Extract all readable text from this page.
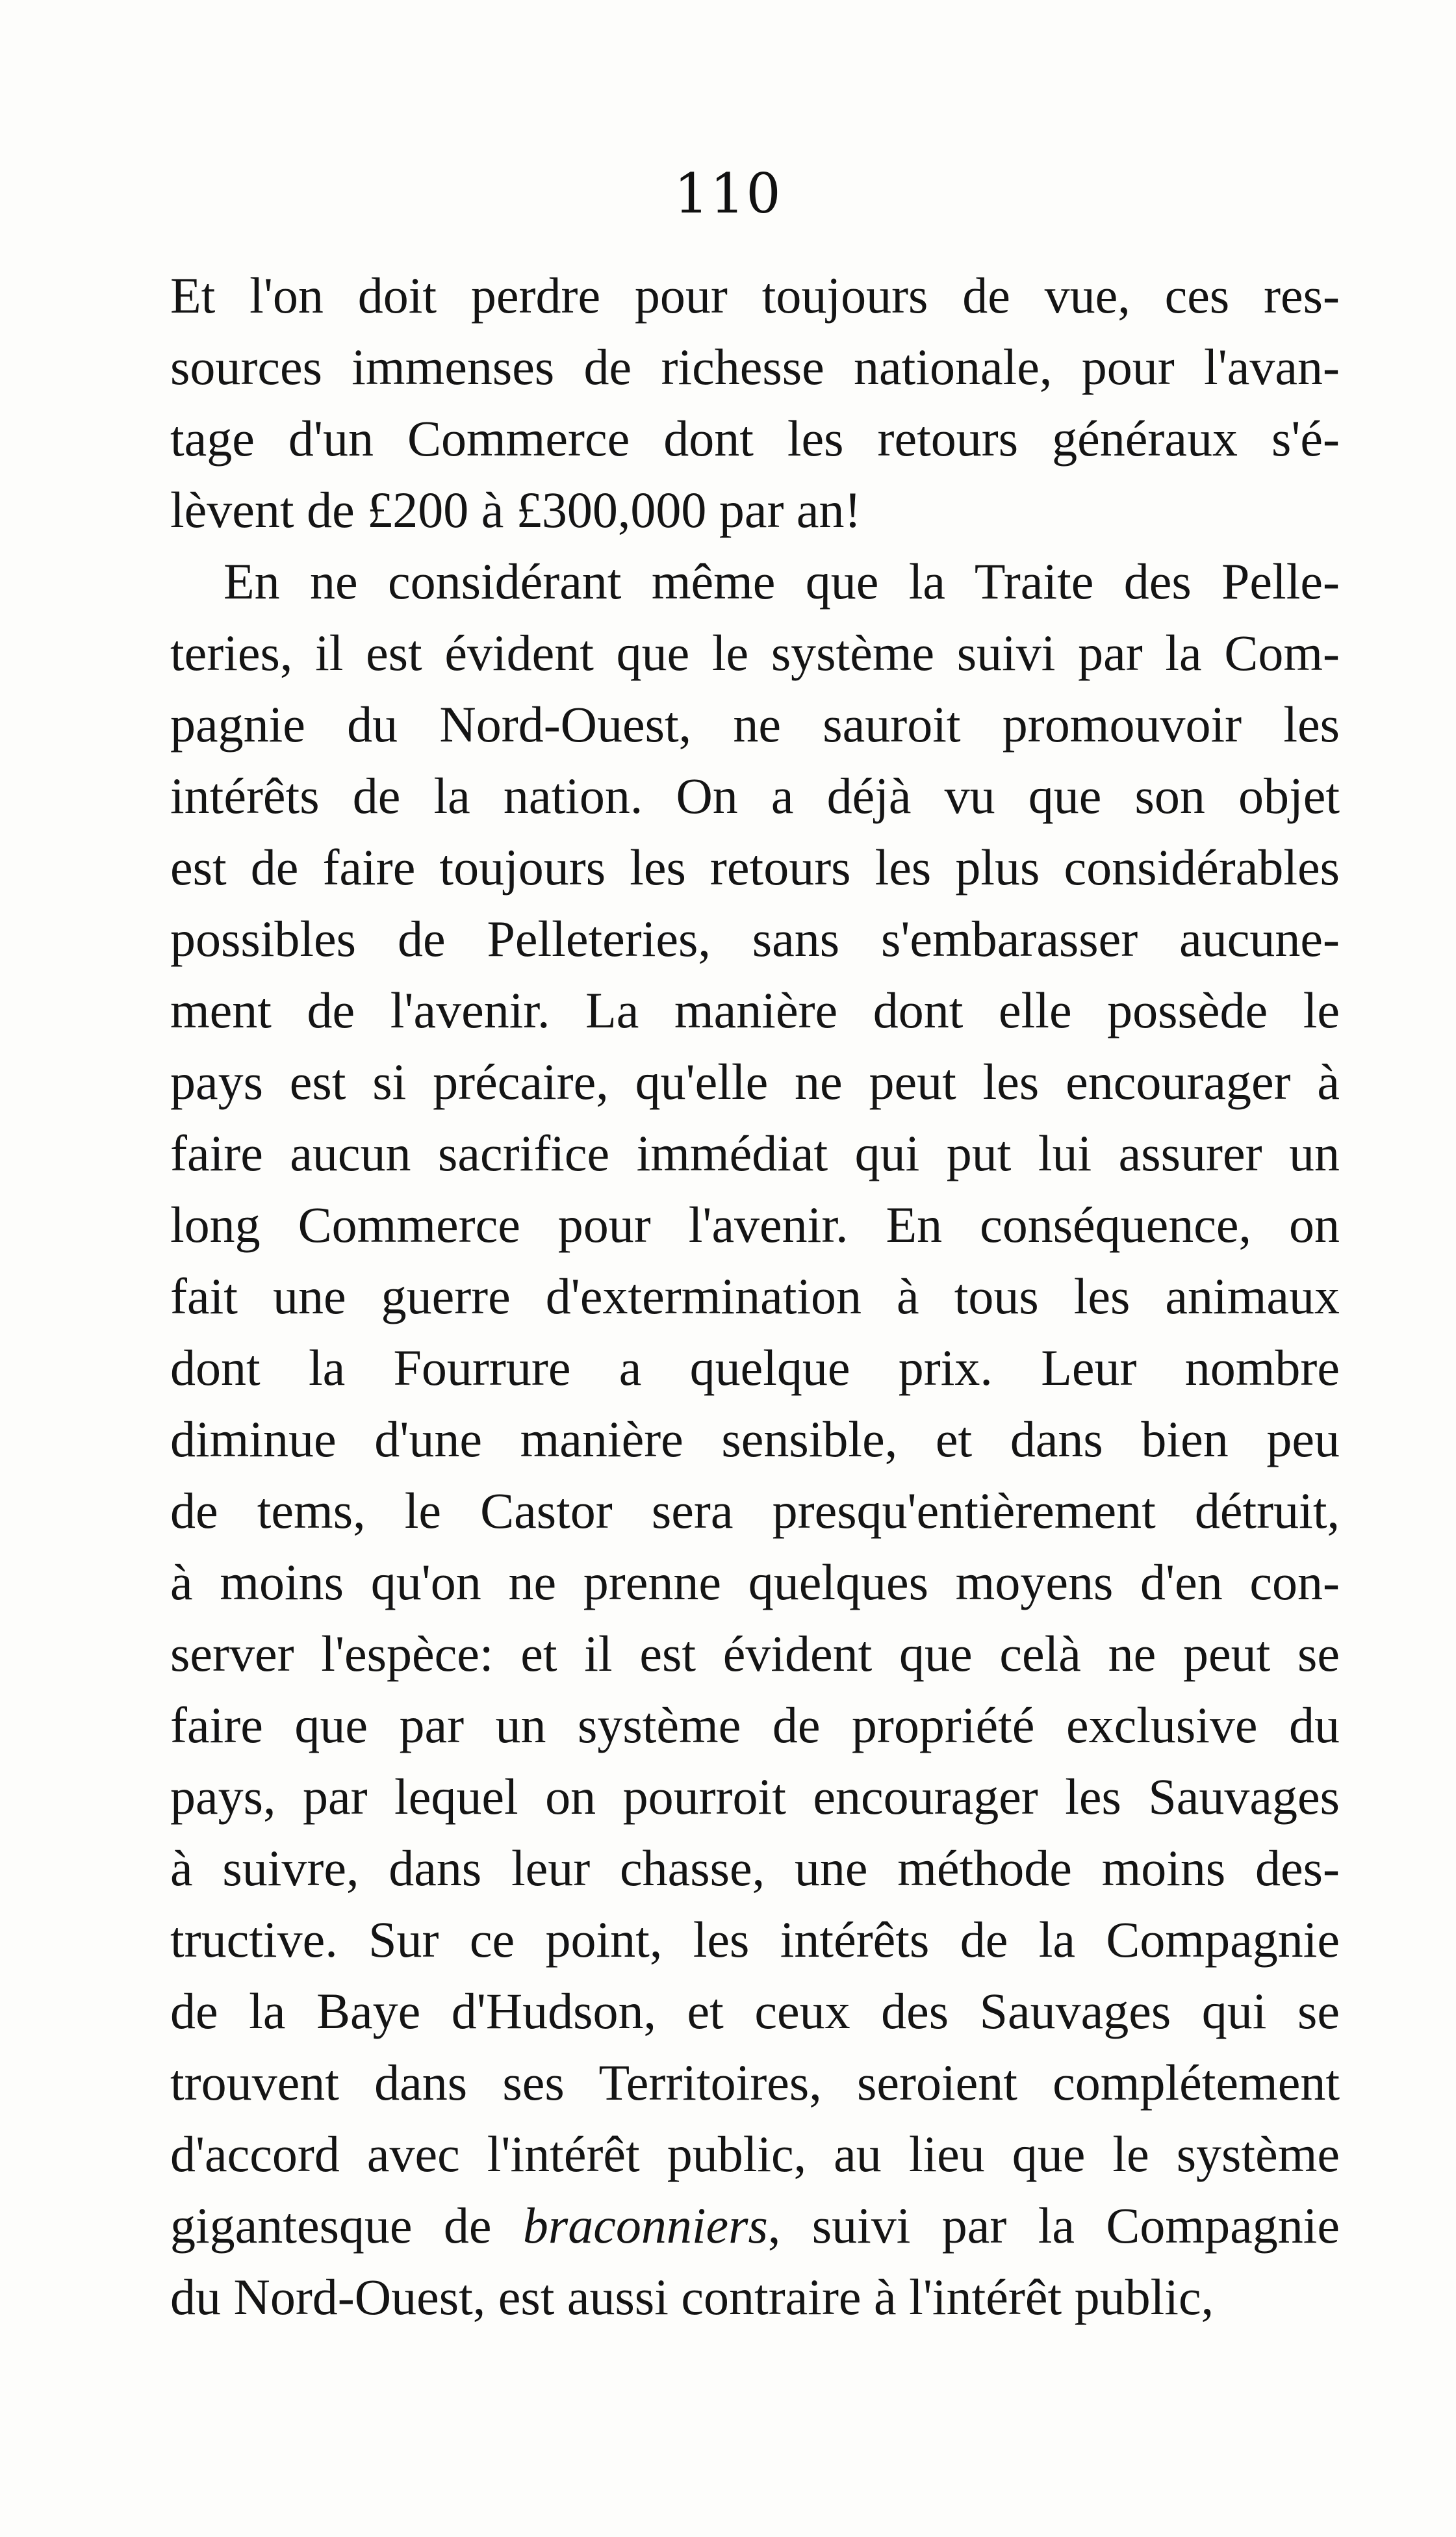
110
Et l'on doit perdre pour toujours de vue, ces res-
sources immenses de richesse nationale, pour l'avan-
tage d'un Commerce dont les retours généraux s'é-
lèvent de £200 à £300,000 par an!
En ne considérant même que la Traite des Pelle-
teries, il est évident que le système suivi par la Com-
pagnie du Nord-Ouest, ne sauroit promouvoir les
intérêts de la nation. On a déjà vu que son objet
est de faire toujours les retours les plus considérables
possibles de Pelleteries, sans s'embarasser aucune-
ment de l'avenir. La manière dont elle possède le
pays est si précaire, qu'elle ne peut les encourager à
faire aucun sacrifice immédiat qui put lui assurer un
long Commerce pour l'avenir. En conséquence, on
fait une guerre d'extermination à tous les animaux
dont la Fourrure a quelque prix. Leur nombre
diminue d'une manière sensible, et dans bien peu
de tems, le Castor sera presqu'entièrement détruit,
à moins qu'on ne prenne quelques moyens d'en con-
server l'espèce: et il est évident que celà ne peut se
faire que par un système de propriété exclusive du
pays, par lequel on pourroit encourager les Sauvages
à suivre, dans leur chasse, une méthode moins des-
tructive. Sur ce point, les intérêts de la Compagnie
de la Baye d'Hudson, et ceux des Sauvages qui se
trouvent dans ses Territoires, seroient complétement
d'accord avec l'intérêt public, au lieu que le système
gigantesque de braconniers, suivi par la Compagnie
du Nord-Ouest, est aussi contraire à l'intérêt public,
